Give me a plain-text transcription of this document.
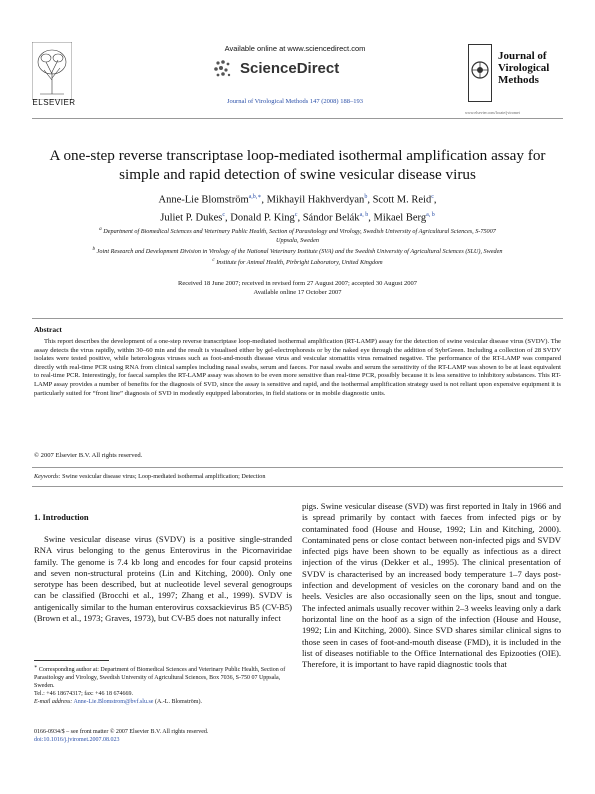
ELSEVIER
Available online at www.sciencedirect.com
ScienceDirect
Journal of Virological Methods 147 (2008) 188–193
Journal of Virological Methods
www.elsevier.com/locate/jviromet
A one-step reverse transcriptase loop-mediated isothermal amplification assay for simple and rapid detection of swine vesicular disease virus
Anne-Lie Blomström$^{a,b,∗}$, Mikhayil Hakhverdyan$^b$, Scott M. Reid$^c$,
Juliet P. Dukes$^c$, Donald P. King$^c$, Sándor Belák$^{a, b}$, Mikael Berg$^{a, b}$
$^a$ Department of Biomedical Sciences and Veterinary Public Health, Section of Parasitology and Virology, Swedish University of Agricultural Sciences, S-75007 Uppsala, Sweden
$^b$ Joint Research and Development Division in Virology of the National Veterinary Institute (SVA) and the Swedish University of Agricultural Sciences (SLU), Sweden
$^c$ Institute for Animal Health, Pirbright Laboratory, United Kingdom
Received 18 June 2007; received in revised form 27 August 2007; accepted 30 August 2007
Available online 17 October 2007
Abstract
This report describes the development of a one-step reverse transcriptase loop-mediated isothermal amplification (RT-LAMP) assay for the detection of swine vesicular disease virus (SVDV). The assay detects the virus rapidly, within 30–60 min and the result is visualised either by gel-electrophoresis or by the naked eye through the addition of SybrGreen. Including a collection of 28 SVDV isolates were tested positive, while heterologous viruses such as foot-and-mouth disease virus and vesicular stomatitis virus remained negative. The performance of the RT-LAMP was compared directly with real-time PCR using RNA from clinical samples including nasal swabs, serum and faeces. For nasal swabs and serum the sensitivity of the RT-LAMP was shown to be at least equivalent to real-time PCR. Interestingly, for faecal samples the RT-LAMP assay was shown to be even more sensitive than real-time PCR, possibly because it is less sensitive to inhibitory substances. This RT-LAMP assay provides a number of benefits for the diagnosis of SVD, since the assay is sensitive and rapid, and the isothermal amplification strategy used is not reliant upon expensive equipment it is particularly suited for “front line” diagnosis of SVD in modestly equipped laboratories, in field stations or in mobile diagnostic units.
© 2007 Elsevier B.V. All rights reserved.
Keywords: Swine vesicular disease virus; Loop-mediated isothermal amplification; Detection
1. Introduction
Swine vesicular disease virus (SVDV) is a positive single-stranded RNA virus belonging to the genus Enterovirus in the Picornaviridae family. The genome is 7.4 kb long and encodes for four capsid proteins and seven non-structural proteins (Lin and Kitching, 2000). Only one serotype has been described, but at nucleotide level several genogroups can be classified (Brocchi et al., 1997; Zhang et al., 1999). SVDV is antigenically similar to the human enterovirus coxsackievirus B5 (CV-B5) (Brown et al., 1973; Graves, 1973), but CV-B5 does not naturally infect
pigs. Swine vesicular disease (SVD) was first reported in Italy in 1966 and is spread primarily by contact with faeces from infected pigs or by contaminated food (House and House, 1992; Lin and Kitching, 2000). Contaminated pens or close contact between non-infected pigs and SVDV infected pigs have been shown to be equally as infectious as a direct injection of the virus (Dekker et al., 1995). The clinical presentation of SVDV is characterised by an increased body temperature 1–7 days post-infection and development of vesicles on the coronary band and on the heels. Vesicles are also occasionally seen on the lips, snout and tongue. The infected animals usually recover within 2–3 weeks leaving only a dark horizontal line on the hoof as a sign of the infection (House and House, 1992; Lin and Kitching, 2000). Since SVD shares similar clinical signs to those seen in cases of foot-and-mouth disease (FMD), it is included in the list of diseases notifiable to the Office International des Epizooties (OIE). Therefore, it is important to have rapid diagnostic tools that
∗ Corresponding author at: Department of Biomedical Sciences and Veterinary Public Health, Section of Parasitology and Virology, Swedish University of Agricultural Sciences, Box 7036, S-750 07 Uppsala, Sweden.
Tel.: +46 18674317; fax: +46 18 674669.
E-mail address: Anne-Lie.Blomstrom@bvf.slu.se (A.-L. Blomström).
0166-0934/$ – see front matter © 2007 Elsevier B.V. All rights reserved.
doi:10.1016/j.jviromet.2007.08.023
